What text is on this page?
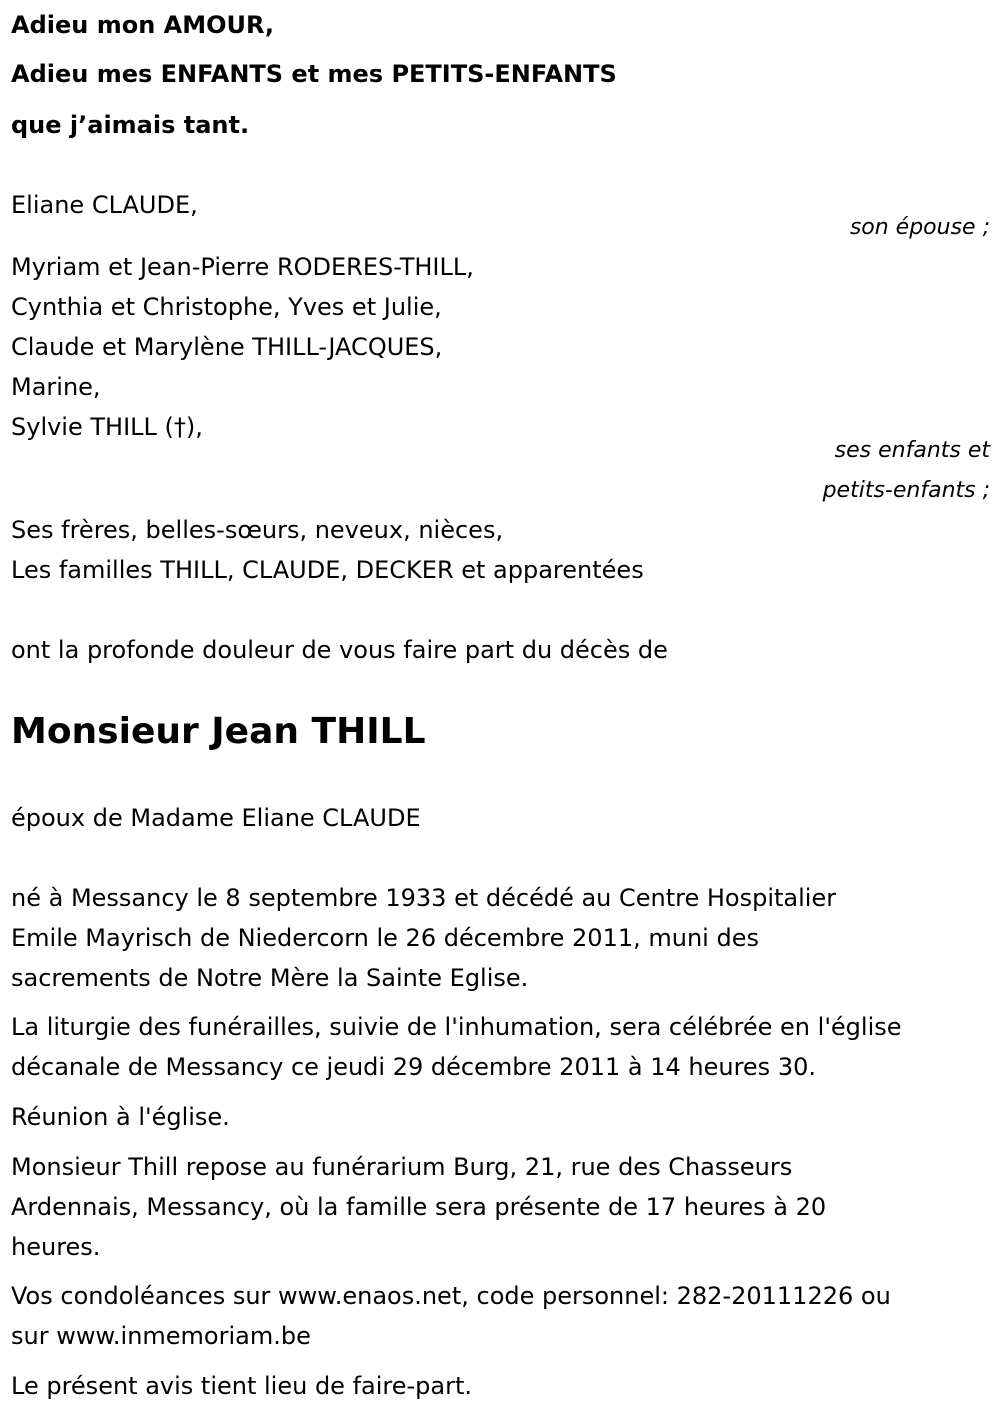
Adieu mon AMOUR,
Adieu mes ENFANTS et mes PETITS-ENFANTS
que j’aimais tant.
Eliane CLAUDE,
son épouse ;
Myriam et Jean-Pierre RODERES-THILL,
Cynthia et Christophe, Yves et Julie,
Claude et Marylène THILL-JACQUES,
Marine,
Sylvie THILL (†),
ses enfants et
petits-enfants ;
Ses frères, belles-sœurs, neveux, nièces,
Les familles THILL, CLAUDE, DECKER et apparentées
ont la profonde douleur de vous faire part du décès de
Monsieur Jean THILL
époux de Madame Eliane CLAUDE
né à Messancy le 8 septembre 1933 et décédé au Centre Hospitalier
Emile Mayrisch de Niedercorn le 26 décembre 2011, muni des
sacrements de Notre Mère la Sainte Eglise.
La liturgie des funérailles, suivie de l'inhumation, sera célébrée en l'église
décanale de Messancy ce jeudi 29 décembre 2011 à 14 heures 30.
Réunion à l'église.
Monsieur Thill repose au funérarium Burg, 21, rue des Chasseurs
Ardennais, Messancy, où la famille sera présente de 17 heures à 20
heures.
Vos condoléances sur www.enaos.net, code personnel: 282-20111226 ou
sur www.inmemoriam.be
Le présent avis tient lieu de faire-part.
